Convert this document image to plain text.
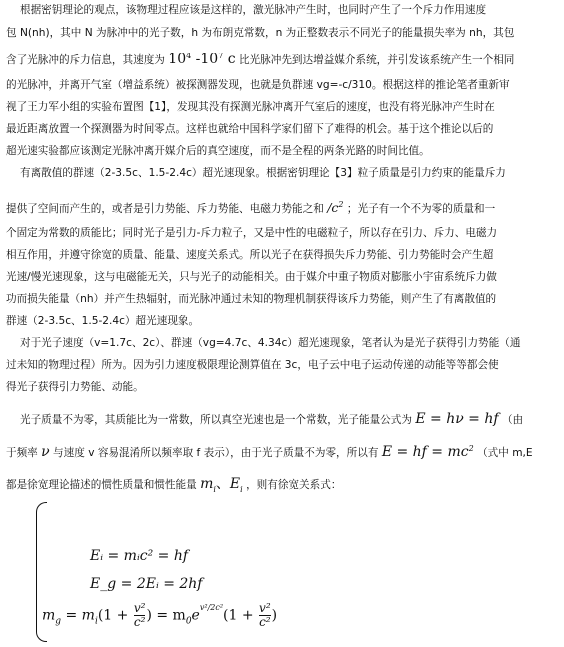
根据密钥理论的观点，该物理过程应该是这样的，激光脉冲产生时，也同时产生了一个斥力作用速度
包 N(nh)，其中 N 为脉冲中的光子数，h 为布朗克常数，n 为正整数表示不同光子的能量损失率为 nh，其包
含了光脉冲的斥力信息，其速度为 $10^4$ $-10^7$ c 比光脉冲先到达增益媒介系统，并引发该系统产生一个相同
的光脉冲，并离开气室（增益系统）被探测器发现，也就是负群速 vg=-c/310。根据这样的推论笔者重新审
视了王力军小组的实验布置图【1】，发现其没有探测光脉冲离开气室后的速度，也没有将光脉冲产生时在
最近距离放置一个探测器为时间零点。这样也就给中国科学家们留下了难得的机会。基于这个推论以后的
超光速实验都应该测定光脉冲离开媒介后的真空速度，而不是全程的两条光路的时间比值。
有离散值的群速（2-3.5c、1.5-2.4c）超光速现象。根据密钥理论【3】粒子质量是引力约束的能量斥力
提供了空间而产生的，或者是引力势能、斥力势能、电磁力势能之和 $/c^2$ ；光子有一个不为零的质量和一
个固定为常数的质能比；同时光子是引力-斥力粒子，又是中性的电磁粒子，所以存在引力、斥力、电磁力
相互作用，并遵守徐宽的质量、能量、速度关系式。所以光子在获得损失斥力势能、引力势能时会产生超
光速/慢光速现象，这与电磁能无关，只与光子的动能相关。由于媒介中重子物质对膨胀小宇宙系统斥力做
功而损失能量（nh）并产生热辐射，而光脉冲通过未知的物理机制获得该斥力势能，则产生了有离散值的
群速（2-3.5c、1.5-2.4c）超光速现象。
对于光子速度（v=1.7c、2c）、群速（vg=4.7c、4.34c）超光速现象，笔者认为是光子获得引力势能（通
过未知的物理过程）所为。因为引力速度极限理论测算值在 3c，电子云中电子运动传递的动能等等都会使
得光子获得引力势能、动能。
光子质量不为零，其质能比为一常数，所以真空光速也是一个常数，光子能量公式为 E = hν = hf （由
于频率 ν 与速度 v 容易混淆所以频率取 f 表示），由于光子质量不为零，所以有 E = hf = $mc^2$ （式中 m,E
都是徐宽理论描述的惯性质量和惯性能量 $m_i$、$E_i$ ，则有徐宽关系式：
Eᵢ = mᵢc² = hf
E_g = 2Eᵢ = 2hf
$m_g = m_i(1 + \frac{\text{v²}}{\text{c²}}$ ) = $m_0ev^2/2c^2(1 + \frac{\text{v²}}{\text{c²}}$ )
